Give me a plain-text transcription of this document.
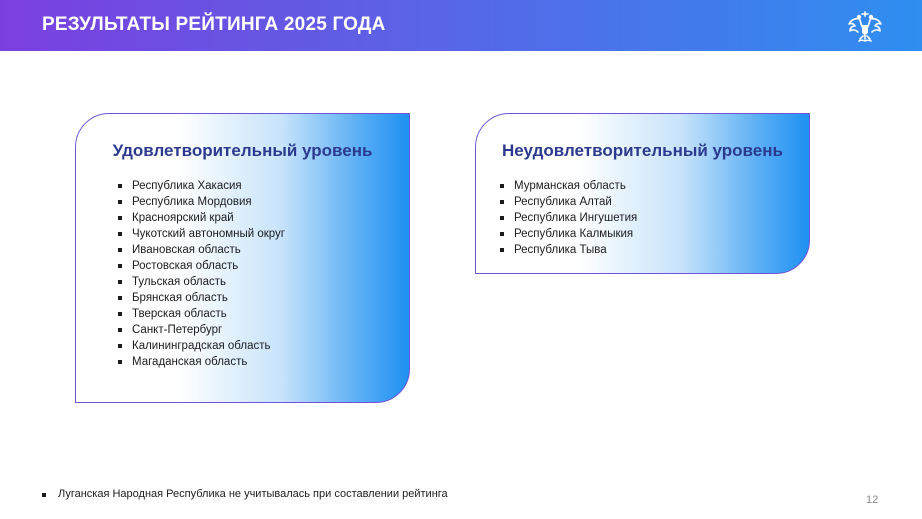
РЕЗУЛЬТАТЫ РЕЙТИНГА 2025 ГОДА
Удовлетворительный уровень
Республика Хакасия
Республика Мордовия
Красноярский край
Чукотский автономный округ
Ивановская область
Ростовская область
Тульская область
Брянская область
Тверская область
Санкт-Петербург
Калининградская область
Магаданская область
Неудовлетворительный уровень
Мурманская область
Республика Алтай
Республика Ингушетия
Республика Калмыкия
Республика Тыва
Луганская Народная Республика не учитывалась при составлении рейтинга	12
